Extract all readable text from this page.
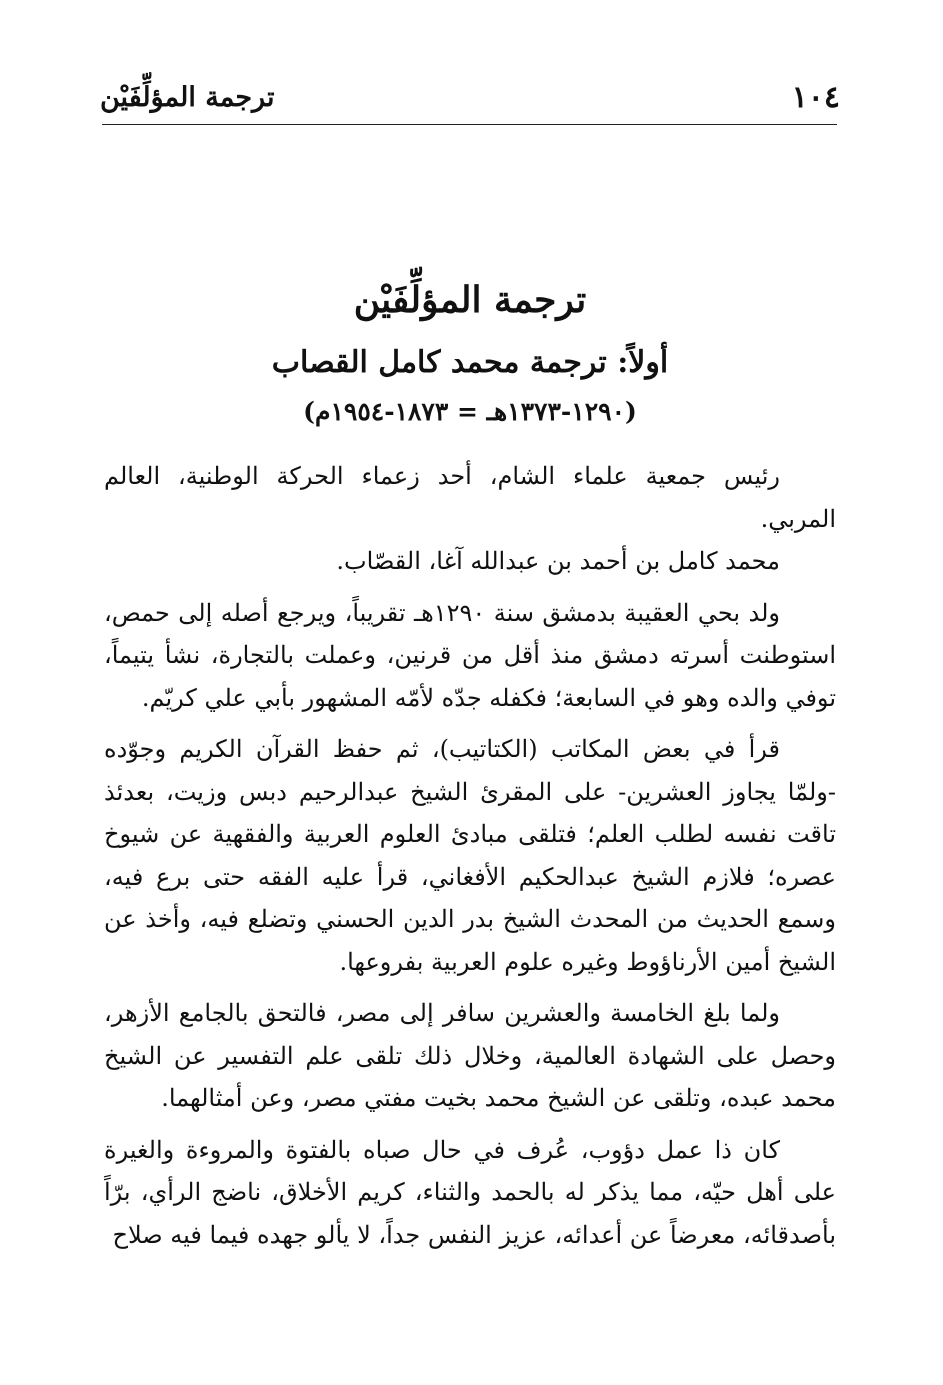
١٠٤
ترجمة المؤلِّفَيْن
ترجمة المؤلِّفَيْن
أولاً: ترجمة محمد كامل القصاب
(١٢٩٠-١٣٧٣هـ = ١٨٧٣-١٩٥٤م)

رئيس جمعية علماء الشام، أحد زعماء الحركة الوطنية، العالم المربي.

محمد كامل بن أحمد بن عبدالله آغا، القصّاب.

ولد بحي العقيبة بدمشق سنة ١٢٩٠هـ تقريباً، ويرجع أصله إلى حمص، استوطنت أسرته دمشق منذ أقل من قرنين، وعملت بالتجارة، نشأ يتيماً، توفي والده وهو في السابعة؛ فكفله جدّه لأمّه المشهور بأبي علي كريّم.

قرأ في بعض المكاتب (الكتاتيب)، ثم حفظ القرآن الكريم وجوّده -ولمّا يجاوز العشرين- على المقرئ الشيخ عبدالرحيم دبس وزيت، بعدئذ تاقت نفسه لطلب العلم؛ فتلقى مبادئ العلوم العربية والفقهية عن شيوخ عصره؛ فلازم الشيخ عبدالحكيم الأفغاني، قرأ عليه الفقه حتى برع فيه، وسمع الحديث من المحدث الشيخ بدر الدين الحسني وتضلع فيه، وأخذ عن الشيخ أمين الأرناؤوط وغيره علوم العربية بفروعها.

ولما بلغ الخامسة والعشرين سافر إلى مصر، فالتحق بالجامع الأزهر، وحصل على الشهادة العالمية، وخلال ذلك تلقى علم التفسير عن الشيخ محمد عبده، وتلقى عن الشيخ محمد بخيت مفتي مصر، وعن أمثالهما.

كان ذا عمل دؤوب، عُرف في حال صباه بالفتوة والمروءة والغيرة على أهل حيّه، مما يذكر له بالحمد والثناء، كريم الأخلاق، ناضج الرأي، برّاً بأصدقائه، معرضاً عن أعدائه، عزيز النفس جداً، لا يألو جهده فيما فيه صلاح
